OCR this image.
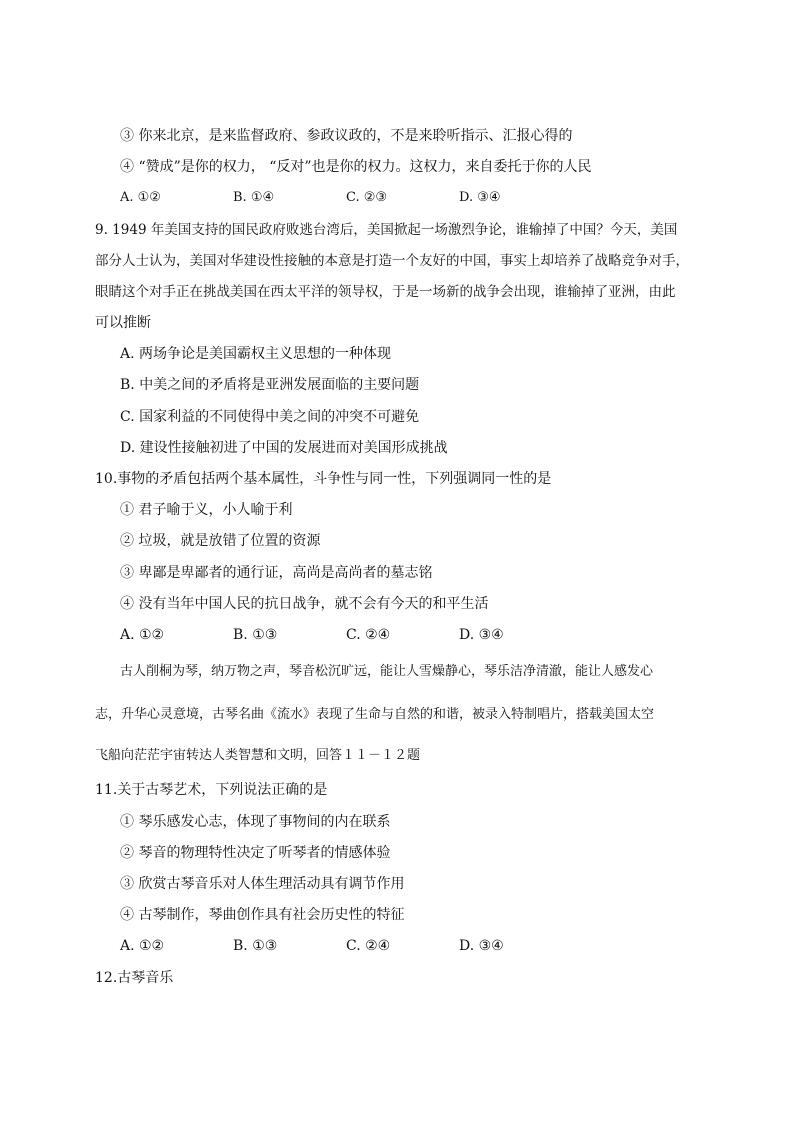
③ 你来北京，是来监督政府、参政议政的，不是来聆听指示、汇报心得的
④ “赞成”是你的权力， “反对”也是你的权力。这权力，来自委托于你的人民
A. ①②	B. ①④	C. ②③	D. ③④
9. 1949 年美国支持的国民政府败逃台湾后，美国掀起一场激烈争论，谁输掉了中国？今天，美国
部分人士认为，美国对华建设性接触的本意是打造一个友好的中国，事实上却培养了战略竞争对手，
眼睛这个对手正在挑战美国在西太平洋的领导权，于是一场新的战争会出现，谁输掉了亚洲，由此
可以推断
A. 两场争论是美国霸权主义思想的一种体现
B. 中美之间的矛盾将是亚洲发展面临的主要问题
C. 国家利益的不同使得中美之间的冲突不可避免
D. 建设性接触初进了中国的发展进而对美国形成挑战
10.事物的矛盾包括两个基本属性，斗争性与同一性，下列强调同一性的是
① 君子喻于义，小人喻于利
② 垃圾，就是放错了位置的资源
③ 卑鄙是卑鄙者的通行证，高尚是高尚者的墓志铭
④ 没有当年中国人民的抗日战争，就不会有今天的和平生活
A. ①②	B. ①③	C. ②④	D. ③④
古人削桐为琴，纳万物之声，琴音松沉旷远，能让人雪燥静心，琴乐洁净清澈，能让人感发心
志，升华心灵意境，古琴名曲《流水》表现了生命与自然的和谐，被录入特制唱片，搭载美国太空
飞船向茫茫宇宙转达人类智慧和文明，回答１１－１２题
11.关于古琴艺术，下列说法正确的是
① 琴乐感发心志，体现了事物间的内在联系
② 琴音的物理特性决定了听琴者的情感体验
③ 欣赏古琴音乐对人体生理活动具有调节作用
④ 古琴制作，琴曲创作具有社会历史性的特征
A. ①②	B. ①③	C. ②④	D. ③④
12.古琴音乐
